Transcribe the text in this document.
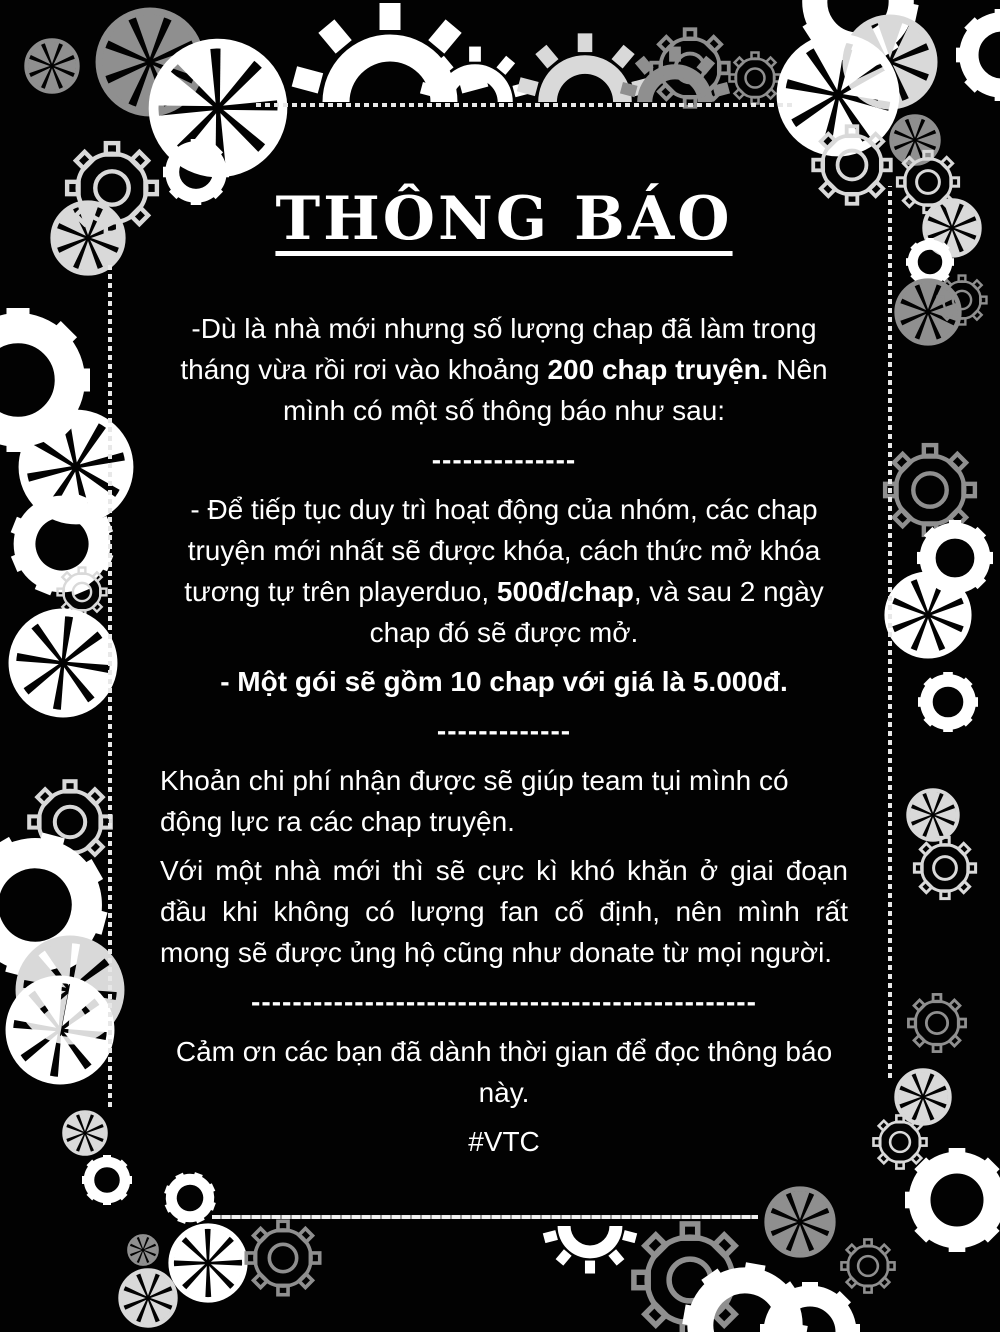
THÔNG BÁO

-Dù là nhà mới nhưng số lượng chap đã làm trong tháng vừa rồi rơi vào khoảng 200 chap truyện. Nên mình có một số thông báo như sau:

--------------

- Để tiếp tục duy trì hoạt động của nhóm, các chap truyện mới nhất sẽ được khóa, cách thức mở khóa tương tự trên playerduo, 500đ/chap, và sau 2 ngày chap đó sẽ được mở.

- Một gói sẽ gồm 10 chap với giá là 5.000đ.

-------------

Khoản chi phí nhận được sẽ giúp team tụi mình có động lực ra các chap truyện.

Với một nhà mới thì sẽ cực kì khó khăn ở giai đoạn đầu khi không có lượng fan cố định, nên mình rất mong sẽ được ủng hộ cũng như donate từ mọi người.

-------------------------------------------------

Cảm ơn các bạn đã dành thời gian để đọc thông báo này.

#VTC
